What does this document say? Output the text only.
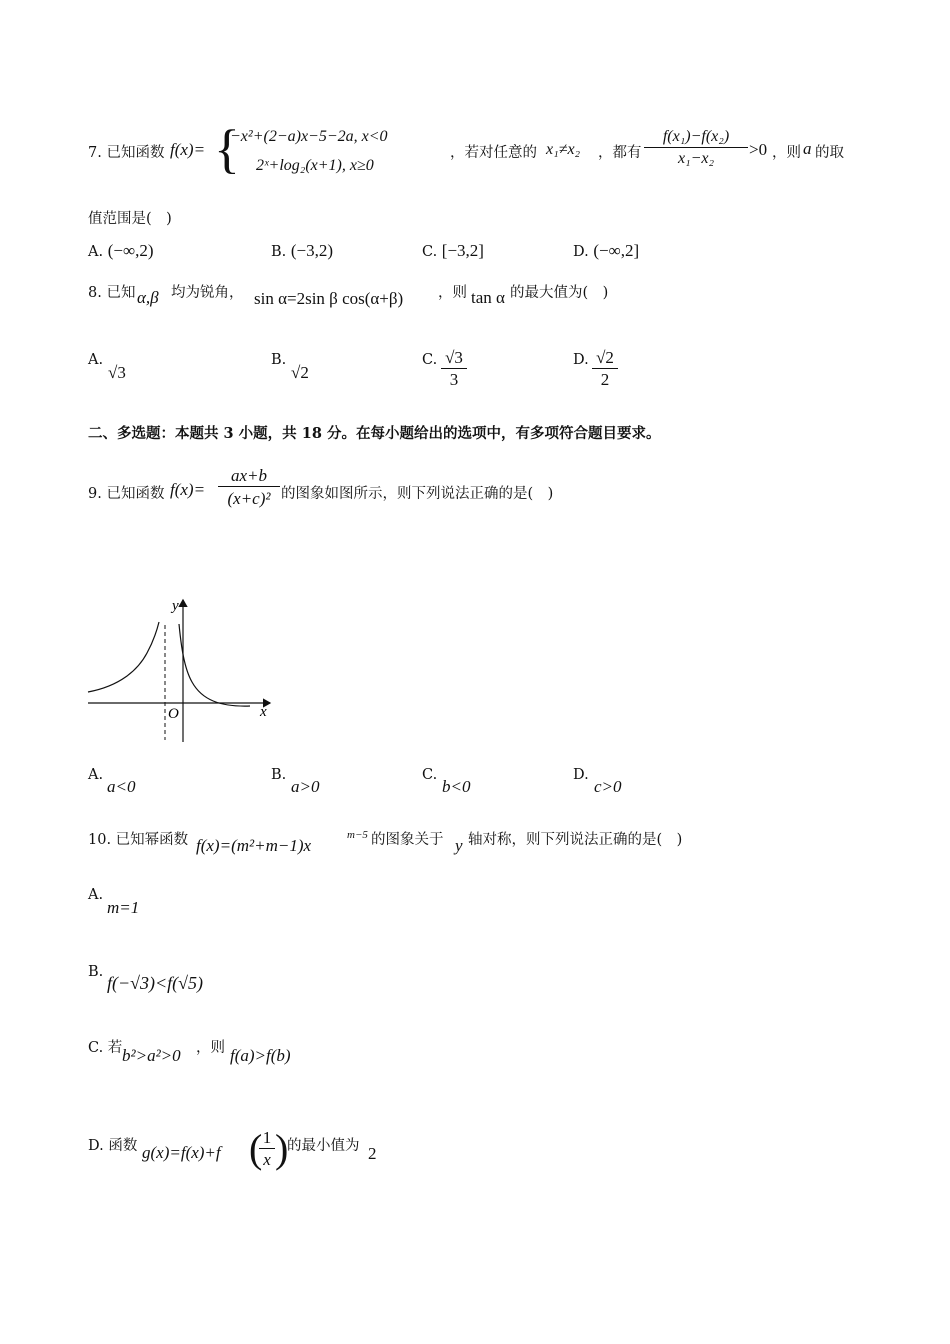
7. 已知函数 f(x)= {
−x²+(2−a)x−5−2a, x<0
2ˣ+log₂(x+1), x≥0
，若对任意的 x₁≠x₂ ，都有 $\frac{\text{f(x₁)−f(x₂)}}{\text{x₁−x₂}} >0$ ，则 a 的取
值范围是(　)
A. (−∞,2)	B. (−3,2)	C. [−3,2]	D. (−∞,2]
8. 已知 α,β 均为锐角， sin α=2sin β cos(α+β) ，则 tan α 的最大值为(　)
A.
√3
B.
√2
C. $\frac{√3}{3}$	D. $\frac{√2}{2}$
二、多选题：本题共 3 小题，共 18 分。在每小题给出的选项中，有多项符合题目要求。
9. 已知函数 $f(x)= \frac{ax+b}{\text{(x+c)²}}$ 的图象如图所示，则下列说法正确的是(　)
y
x
O
A.
a<0
B.
a>0
C.
b<0
D.
c>0
10. 已知幂函数 f(x)=(m²+m−1)x
m−5 的图象关于 y 轴对称，则下列说法正确的是(　)
A.
m=1
B.
f(−√3)<f(√5)
C. 若 b²>a²>0 ，则 f(a)>f(b)
D. 函数 g(x)=f(x)+f (
$\frac{1}{x}$ )
的最小值为 2
